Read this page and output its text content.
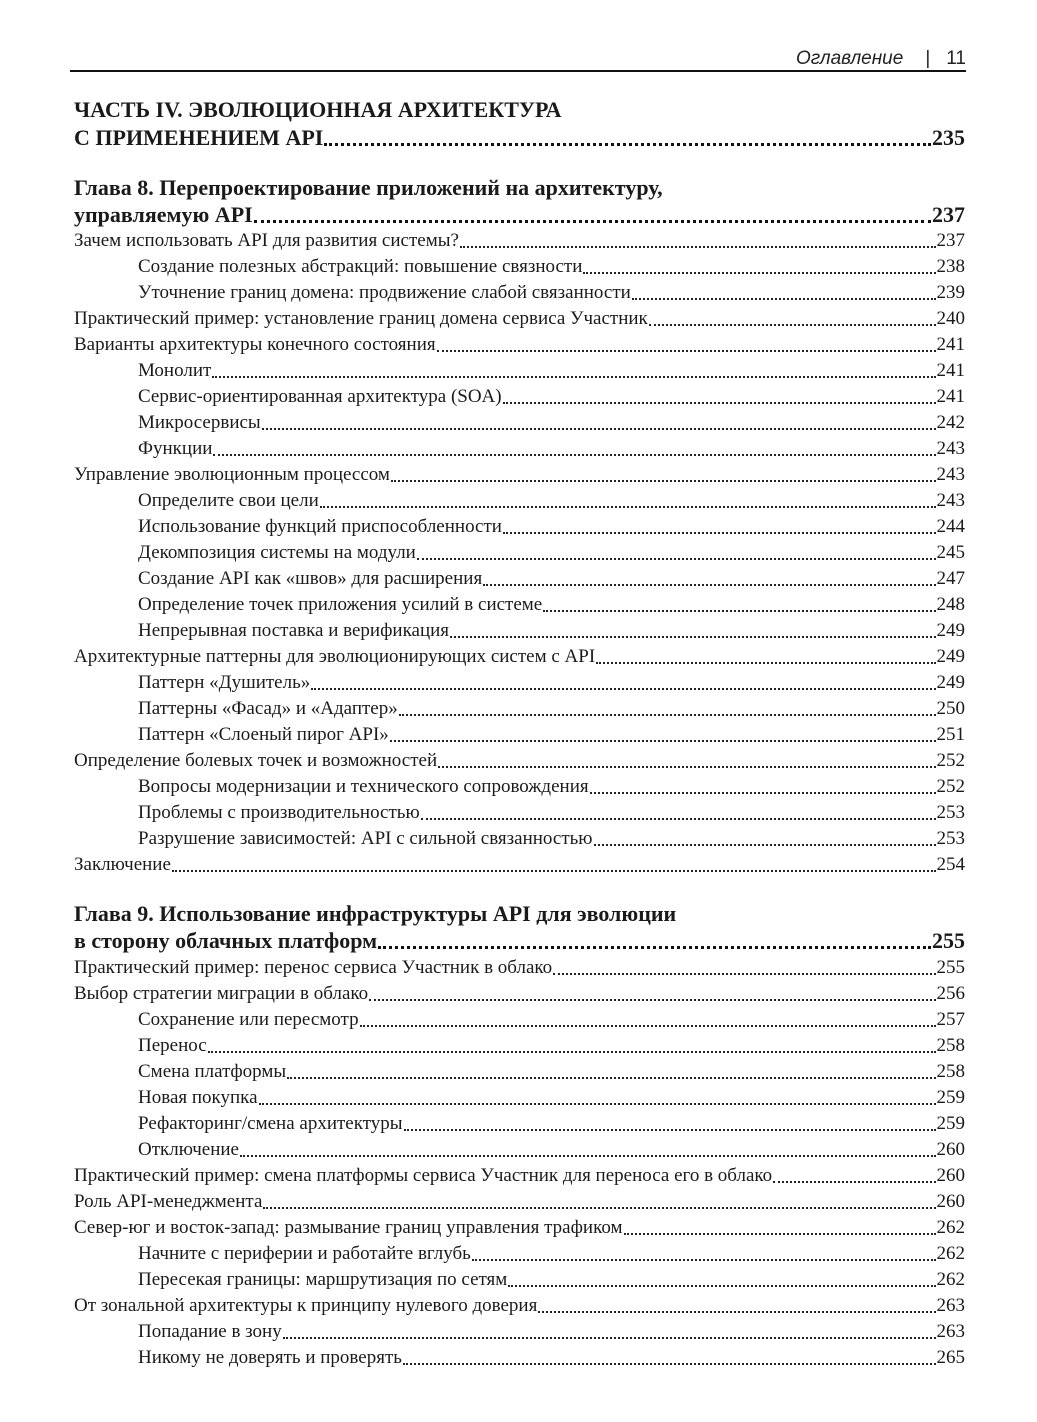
Оглавление | 11
ЧАСТЬ IV. ЭВОЛЮЦИОННАЯ АРХИТЕКТУРА
С ПРИМЕНЕНИЕМ API	235
Глава 8. Перепроектирование приложений на архитектуру,
управляемую API	237
Зачем использовать API для развития системы?	237
Создание полезных абстракций: повышение связности	238
Уточнение границ домена: продвижение слабой связанности	239
Практический пример: установление границ домена сервиса Участник	240
Варианты архитектуры конечного состояния	241
Монолит	241
Сервис-ориентированная архитектура (SOA)	241
Микросервисы	242
Функции	243
Управление эволюционным процессом	243
Определите свои цели	243
Использование функций приспособленности	244
Декомпозиция системы на модули	245
Создание API как «швов» для расширения	247
Определение точек приложения усилий в системе	248
Непрерывная поставка и верификация	249
Архитектурные паттерны для эволюционирующих систем с API	249
Паттерн «Душитель»	249
Паттерны «Фасад» и «Адаптер»	250
Паттерн «Слоеный пирог API»	251
Определение болевых точек и возможностей	252
Вопросы модернизации и технического сопровождения	252
Проблемы с производительностью	253
Разрушение зависимостей: API с сильной связанностью	253
Заключение	254
Глава 9. Использование инфраструктуры API для эволюции
в сторону облачных платформ	255
Практический пример: перенос сервиса Участник в облако	255
Выбор стратегии миграции в облако	256
Сохранение или пересмотр	257
Перенос	258
Смена платформы	258
Новая покупка	259
Рефакторинг/смена архитектуры	259
Отключение	260
Практический пример: смена платформы сервиса Участник для переноса его в облако	260
Роль API-менеджмента	260
Север-юг и восток-запад: размывание границ управления трафиком	262
Начните с периферии и работайте вглубь	262
Пересекая границы: маршрутизация по сетям	262
От зональной архитектуры к принципу нулевого доверия	263
Попадание в зону	263
Никому не доверять и проверять	265
